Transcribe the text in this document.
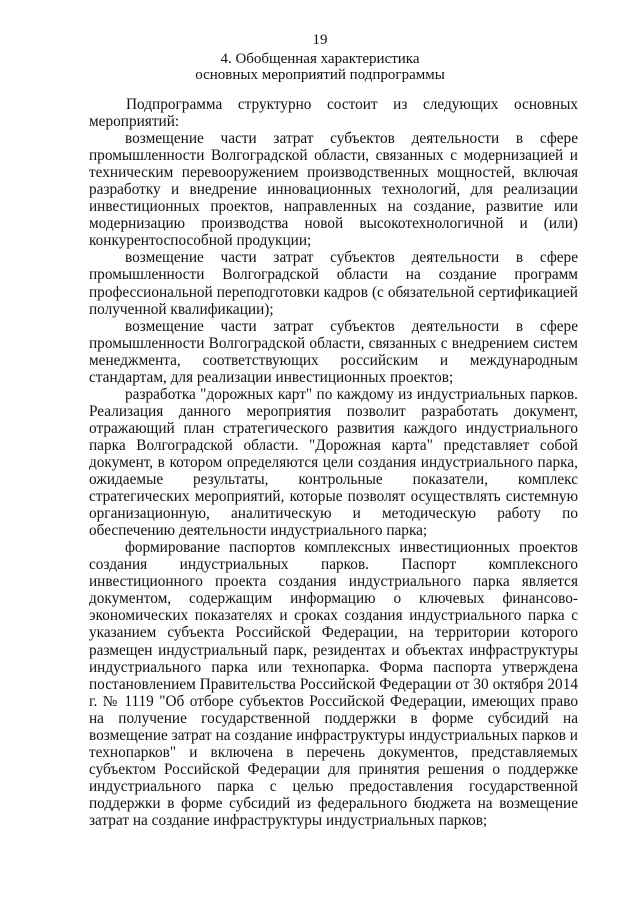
19
4. Обобщенная характеристика
основных мероприятий подпрограммы

Подпрограмма структурно состоит из следующих основных мероприятий:

возмещение части затрат субъектов деятельности в сфере промышленности Волгоградской области, связанных с модернизацией и техническим перевооружением производственных мощностей, включая разработку и внедрение инновационных технологий, для реализации инвестиционных проектов, направленных на создание, развитие или модернизацию производства новой высокотехнологичной и (или) конкурентоспособной продукции;

возмещение части затрат субъектов деятельности в сфере промышленности Волгоградской области на создание программ профессиональной переподготовки кадров (с обязательной сертификацией полученной квалификации);

возмещение части затрат субъектов деятельности в сфере промышленности Волгоградской области, связанных с внедрением систем менеджмента, соответствующих российским и международным стандартам, для реализации инвестиционных проектов;

разработка "дорожных карт" по каждому из индустриальных парков. Реализация данного мероприятия позволит разработать документ, отражающий план стратегического развития каждого индустриального парка Волгоградской области. "Дорожная карта" представляет собой документ, в котором определяются цели создания индустриального парка, ожидаемые результаты, контрольные показатели, комплекс стратегических мероприятий, которые позволят осуществлять системную организационную, аналитическую и методическую работу по обеспечению деятельности индустриального парка;

формирование паспортов комплексных инвестиционных проектов создания индустриальных парков. Паспорт комплексного инвестиционного проекта создания индустриального парка является документом, содержащим информацию о ключевых финансово-экономических показателях и сроках создания индустриального парка с указанием субъекта Российской Федерации, на территории которого размещен индустриальный парк, резидентах и объектах инфраструктуры индустриального парка или технопарка. Форма паспорта утверждена постановлением Правительства Российской Федерации от 30 октября 2014 г. № 1119 "Об отборе субъектов Российской Федерации, имеющих право на получение государственной поддержки в форме субсидий на возмещение затрат на создание инфраструктуры индустриальных парков и технопарков" и включена в перечень документов, представляемых субъектом Российской Федерации для принятия решения о поддержке индустриального парка с целью предоставления государственной поддержки в форме субсидий из федерального бюджета на возмещение затрат на создание инфраструктуры индустриальных парков;
